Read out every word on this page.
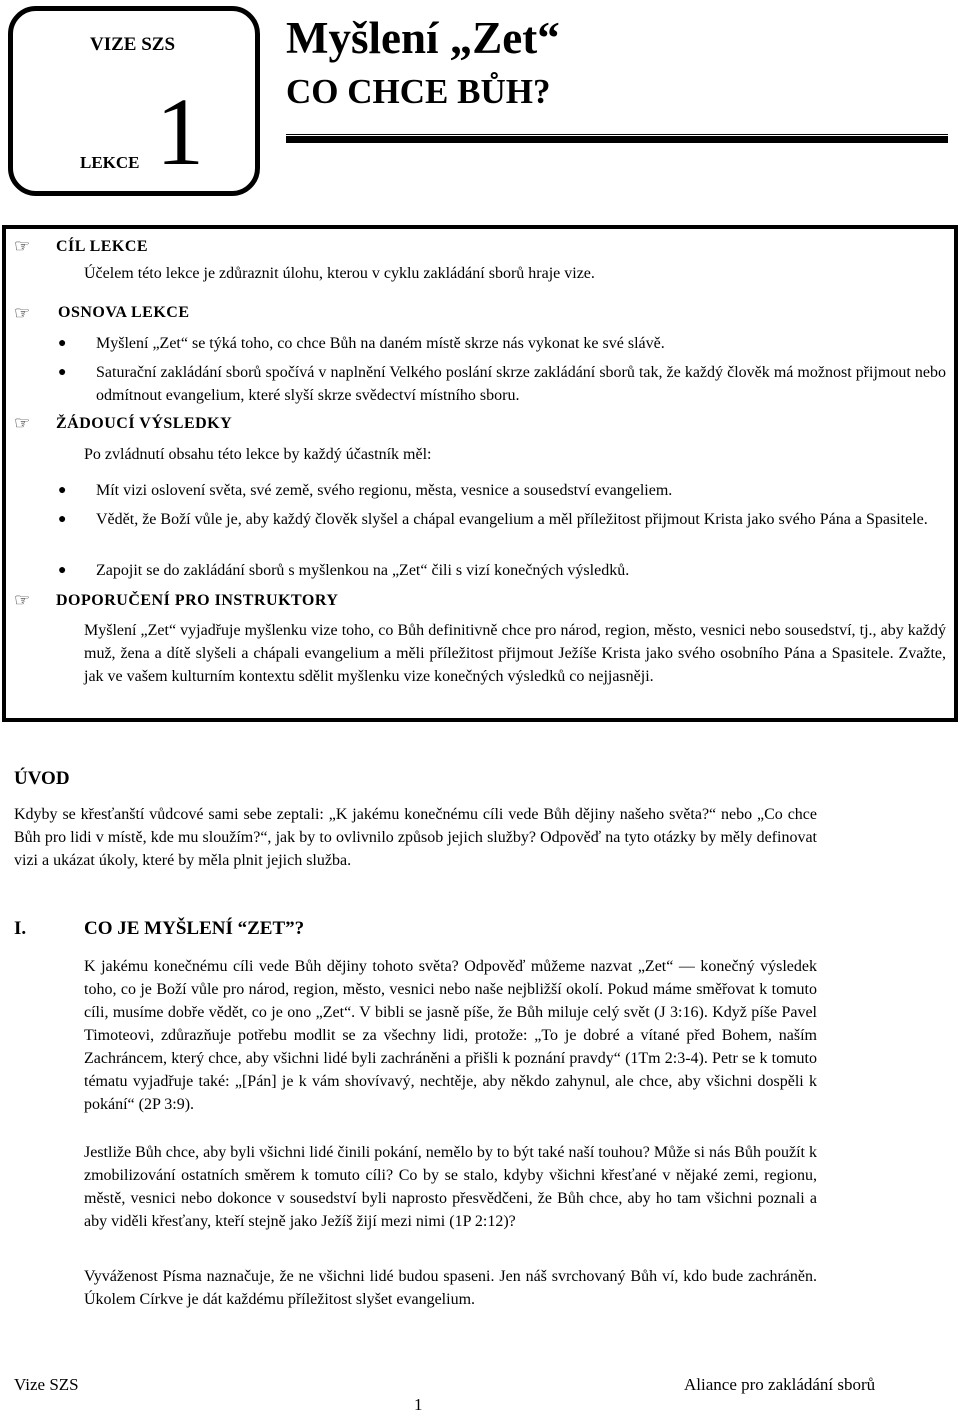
VIZE SZS
1
LEKCE
Myšlení „Zet“
CO CHCE BŮH?
☞ CÍL LEKCE
Účelem této lekce je zdůraznit úlohu, kterou v cyklu zakládání sborů hraje vize.
☞ OSNOVA LEKCE
● Myšlení „Zet“ se týká toho, co chce Bůh na daném místě skrze nás vykonat ke své slávě.
● Saturační zakládání sborů spočívá v naplnění Velkého poslání skrze zakládání sborů tak, že každý člověk má možnost přijmout nebo odmítnout evangelium, které slyší skrze svědectví místního sboru.
☞ ŽÁDOUCÍ VÝSLEDKY
Po zvládnutí obsahu této lekce by každý účastník měl:
● Mít vizi oslovení světa, své země, svého regionu, města, vesnice a sousedství evangeliem.
● Vědět, že Boží vůle je, aby každý člověk slyšel a chápal evangelium a měl příležitost přijmout Krista jako svého Pána a Spasitele.
● Zapojit se do zakládání sborů s myšlenkou na „Zet“ čili s vizí konečných výsledků.
☞ DOPORUČENÍ PRO INSTRUKTORY
Myšlení „Zet“ vyjadřuje myšlenku vize toho, co Bůh definitivně chce pro národ, region, město, vesnici nebo sousedství, tj., aby každý muž, žena a dítě slyšeli a chápali evangelium a měli příležitost přijmout Ježíše Krista jako svého osobního Pána a Spasitele. Zvažte, jak ve vašem kulturním kontextu sdělit myšlenku vize konečných výsledků co nejjasněji.
ÚVOD
Kdyby se křesťanští vůdcové sami sebe zeptali: „K jakému konečnému cíli vede Bůh dějiny našeho světa?“ nebo „Co chce Bůh pro lidi v místě, kde mu sloužím?“, jak by to ovlivnilo způsob jejich služby? Odpověď na tyto otázky by měly definovat vizi a ukázat úkoly, které by měla plnit jejich služba.
I.	CO JE MYŠLENÍ “ZET”?
K jakému konečnému cíli vede Bůh dějiny tohoto světa? Odpověď můžeme nazvat „Zet“ — konečný výsledek toho, co je Boží vůle pro národ, region, město, vesnici nebo naše nejbližší okolí. Pokud máme směřovat k tomuto cíli, musíme dobře vědět, co je ono „Zet“. V bibli se jasně píše, že Bůh miluje celý svět (J 3:16). Když píše Pavel Timoteovi, zdůrazňuje potřebu modlit se za všechny lidi, protože: „To je dobré a vítané před Bohem, naším Zachráncem, který chce, aby všichni lidé byli zachráněni a přišli k poznání pravdy“ (1Tm 2:3-4). Petr se k tomuto tématu vyjadřuje také: „[Pán] je k vám shovívavý, nechtěje, aby někdo zahynul, ale chce, aby všichni dospěli k pokání“ (2P 3:9).
Jestliže Bůh chce, aby byli všichni lidé činili pokání, nemělo by to být také naší touhou? Může si nás Bůh použít k zmobilizování ostatních směrem k tomuto cíli? Co by se stalo, kdyby všichni křesťané v nějaké zemi, regionu, městě, vesnici nebo dokonce v sousedství byli naprosto přesvědčeni, že Bůh chce, aby ho tam všichni poznali a aby viděli křesťany, kteří stejně jako Ježíš žijí mezi nimi (1P 2:12)?
Vyváženost Písma naznačuje, že ne všichni lidé budou spaseni. Jen náš svrchovaný Bůh ví, kdo bude zachráněn. Úkolem Církve je dát každému příležitost slyšet evangelium.
Vize SZS
1
Aliance pro zakládání sborů
